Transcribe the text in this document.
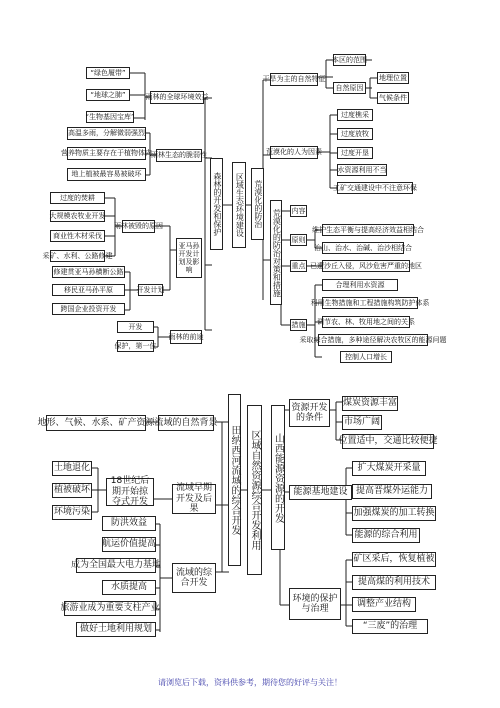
森林的开发和保护 区域生态环境建设 荒漠化的防治
“绿色履带”
“地球之肺”
“生物基因宝库”
雨林的全球环境效益
高温多雨，分解微弱强烈
营养物质主要存在于植物体内
地上植被最容易被破坏
雨林生态的脆弱性
过度的焚耕
大规模农牧业开发
商业性木材采伐
采矿、水利、公路修建
雨林被毁的原因
亚马孙开发计划及影响
修建贯亚马孙横断公路
移民亚马孙平原
跨国企业投资开发
开发计划
开发
保护，第一位
雨林的前途
干旱为主的自然特征
本区的范围
自然原因
地理位置
气候条件
荒漠化的人为因素
过度樵采
过度放牧
过度开垦
水资源利用不当
工矿交通建设中不注意环保
荒漠化的防治对策和措施 内容
原则
维护生态平衡与提高经济效益相结合
治山、治水、治碱、治沙相结合
重点 已遭沙丘入侵，风沙危害严重的地区
措施
合理利用水资源
利用生物措施和工程措施构筑防护体系
调节农、林、牧用地之间的关系
采取综合措施，多种途径解决农牧区的能源问题
控制人口增长
地形、气候、水系、矿产资源 流域的自然背景
土地退化
植被破坏
环境污染
18世纪后期开始掠夺式开发
流域早期开发及后果
防洪效益
航运价值提高
成为全国最大电力基地
水质提高
旅游业成为重要支柱产业
做好土地利用规划
流域的综合开发
田纳西河流域的综合开发 区域自然资源综合开发利用 山西能源资源的开发
资源开发的条件
煤炭资源丰富
市场广阔
位置适中，交通比较便捷
能源基地建设
扩大煤炭开采量
提高晋煤外运能力
加强煤炭的加工转换
能源的综合利用
环境的保护与治理
矿区采后，恢复植被
提高煤的利用技术
调整产业结构
“三废”的治理
请浏览后下载，资料供参考，期待您的好评与关注！
